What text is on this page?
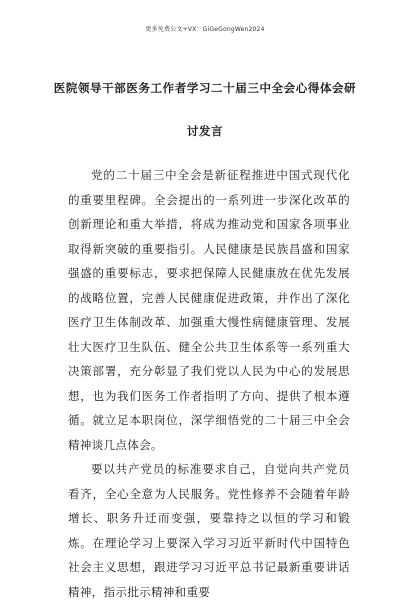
更多免费公文+VX：GiGeGongWen2024
医院领导干部医务工作者学习二十届三中全会心得体会研
讨发言

党的二十届三中全会是新征程推进中国式现代化的重要里程碑。全会提出的一系列进一步深化改革的创新理论和重大举措，将成为推动党和国家各项事业取得新突破的重要指引。人民健康是民族昌盛和国家强盛的重要标志，要求把保障人民健康放在优先发展的战略位置，完善人民健康促进政策，并作出了深化医疗卫生体制改革、加强重大慢性病健康管理、发展壮大医疗卫生队伍、健全公共卫生体系等一系列重大决策部署，充分彰显了我们党以人民为中心的发展思想，也为我们医务工作者指明了方向、提供了根本遵循。就立足本职岗位，深学细悟党的二十届三中全会精神谈几点体会。

要以共产党员的标准要求自己，自觉向共产党员看齐，全心全意为人民服务。党性修养不会随着年龄增长、职务升迁而变强，要靠持之以恒的学习和锻炼。在理论学习上要深入学习习近平新时代中国特色社会主义思想，跟进学习习近平总书记最新重要讲话精神，指示批示精神和重要
